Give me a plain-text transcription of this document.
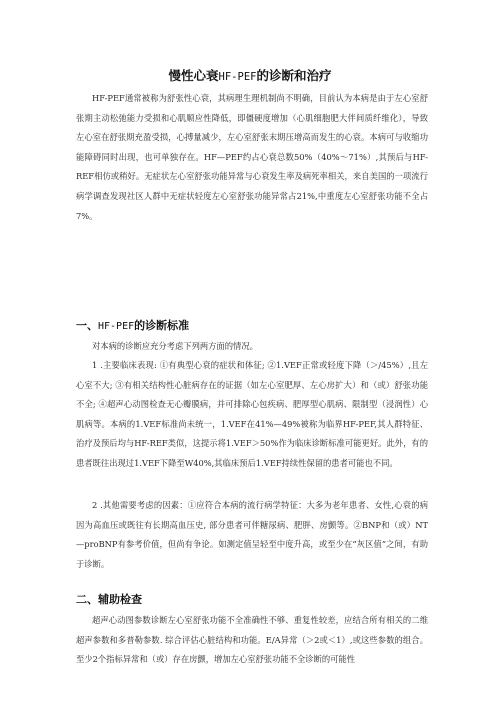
慢性心衰HF-PEF的诊断和治疗

HF-PEF通常被称为舒张性心衰，其病理生理机制尚不明确，目前认为本病是由于左心室舒张期主动松弛能力受损和心肌顺应性降低，即僵硬度增加（心肌细胞肥大伴间质纤维化），导致左心室在舒张期充盈受损，心搏量减少，左心室舒张末期压增高而发生的心衰。本病可与收缩功能障碍同时出现，也可单独存在。HF—PEF约占心衰总数50%（40%～71%）,其预后与HF-REF相仿或稍好。无症状左心室舒张功能异常与心衰发生率及病死率相关，来自美国的一项流行病学调查发现社区人群中无症状轻度左心室舒张功能异常占21%,中重度左心室舒张功能不全占7%。

一、HF-PEF的诊断标准

对本病的诊断应充分考虑下列两方面的情况。

1 .主要临床表现: ①有典型心衰的症状和体征; ②1.VEF正常或轻度下降（＞/45%）,且左心室不大; ③有相关结构性心脏病存在的证据（如左心室肥厚、左心房扩大）和（或）舒张功能不全; ④超声心动图检查无心瓣膜病，并可排除心包疾病、肥厚型心肌病、限制型（浸润性）心肌病等。本病的1.VEF标准尚未统一，1.VEF在41%—49%被称为临界HF-PEF,其人群特征、治疗及预后均与HF-REF类似，这提示将1.VEF＞50%作为临床诊断标准可能更好。此外，有的患者既往出现过1.VEF下降至W40%,其临床预后1.VEF持续性保留的患者可能也不同。

2 .其他需要考虑的因素：①应符合本病的流行病学特征：大多为老年患者、女性,心衰的病因为高血压或既往有长期高血压史, 部分患者可伴糖尿病、肥胖、房颤等。②BNP和（或）NT—proBNP有参考价值，但尚有争论。如测定值呈轻至中度升高，或至少在“灰区值”之间，有助于诊断。

二、辅助检查

超声心动图参数诊断左心室舒张功能不全准确性不够、重复性较差，应结合所有相关的二维超声参数和多普勒参数. 综合评估心脏结构和功能。E/A异常（＞2或＜1）,或这些参数的组合。至少2个指标异常和（或）存在房颤，增加左心室舒张功能不全诊断的可能性
